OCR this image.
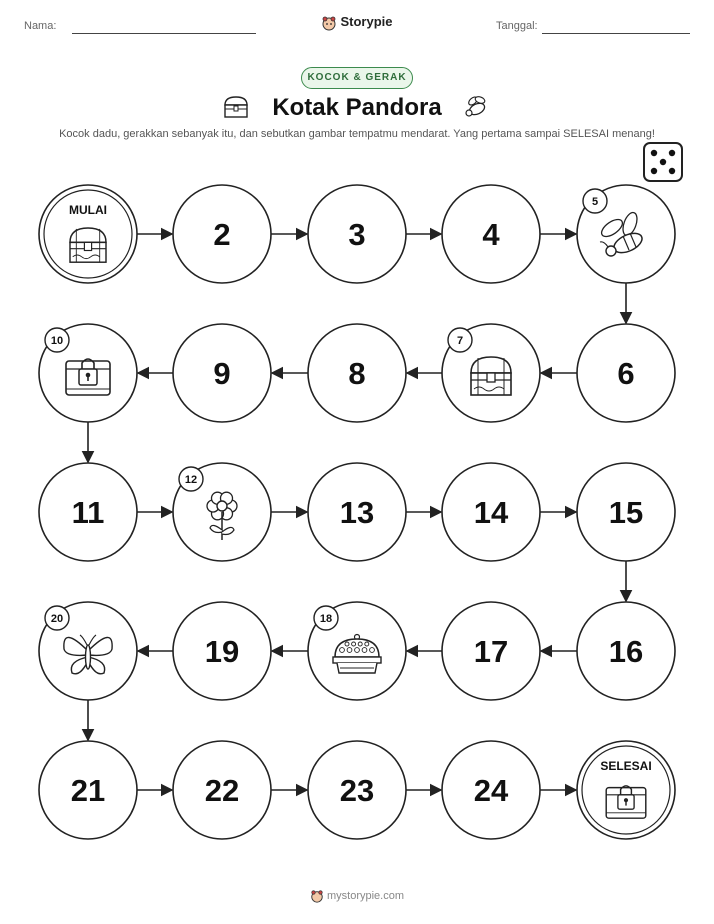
Nama:	Tanggal:
Storypie
KOCOK & GERAK
Kotak Pandora
Kocok dadu, gerakkan sebanyak itu, dan sebutkan gambar tempatmu mendarat. Yang pertama sampai SELESAI menang!
MULAI
2	3	4
5
6
7
8
9
10
11
12
13	14	15
16
17
18
19
20
21	22	23	24
SELESAI
mystorypie.com
